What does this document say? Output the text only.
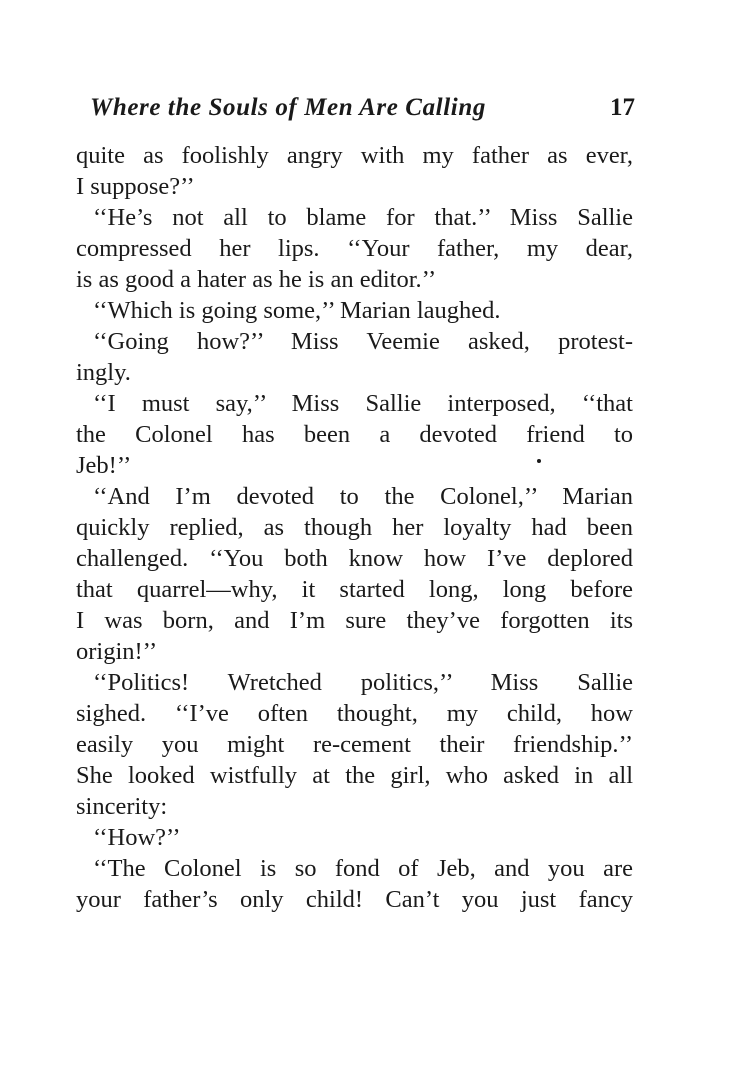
Where the Souls of Men Are Calling	17
quite as foolishly angry with my father as ever,
I suppose?’’
‘‘He’s not all to blame for that.’’ Miss Sallie
compressed her lips. ‘‘Your father, my dear,
is as good a hater as he is an editor.’’
‘‘Which is going some,’’ Marian laughed.
‘‘Going how?’’ Miss Veemie asked, protest-
ingly.
‘‘I must say,’’ Miss Sallie interposed, ‘‘that
the Colonel has been a devoted friend to
Jeb!’’
‘‘And I’m devoted to the Colonel,’’ Marian
quickly replied, as though her loyalty had been
challenged. ‘‘You both know how I’ve deplored
that quarrel—why, it started long, long before
I was born, and I’m sure they’ve forgotten its
origin!’’
‘‘Politics! Wretched politics,’’ Miss Sallie
sighed. ‘‘I’ve often thought, my child, how
easily you might re-cement their friendship.’’
She looked wistfully at the girl, who asked in all
sincerity:
‘‘How?’’
‘‘The Colonel is so fond of Jeb, and you are
your father’s only child! Can’t you just fancy
